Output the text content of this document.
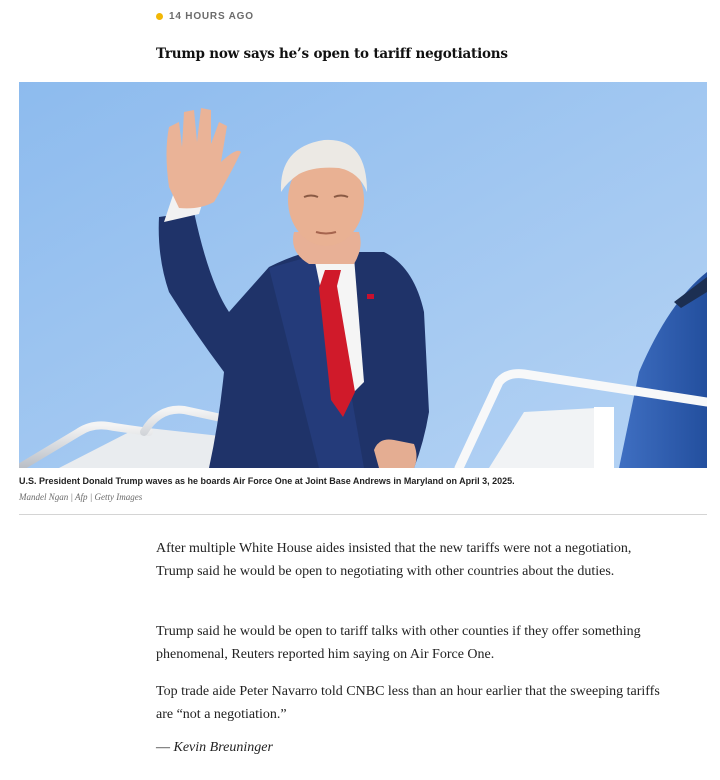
14 HOURS AGO
Trump now says he’s open to tariff negotiations
U.S. President Donald Trump waves as he boards Air Force One at Joint Base Andrews in Maryland on April 3, 2025.
Mandel Ngan | Afp | Getty Images

After multiple White House aides insisted that the new tariffs were not a negotiation, Trump said he would be open to negotiating with other countries about the duties.

Trump said he would be open to tariff talks with other counties if they offer something phenomenal, Reuters reported him saying on Air Force One.

Top trade aide Peter Navarro told CNBC less than an hour earlier that the sweeping tariffs are “not a negotiation.”

— Kevin Breuninger
